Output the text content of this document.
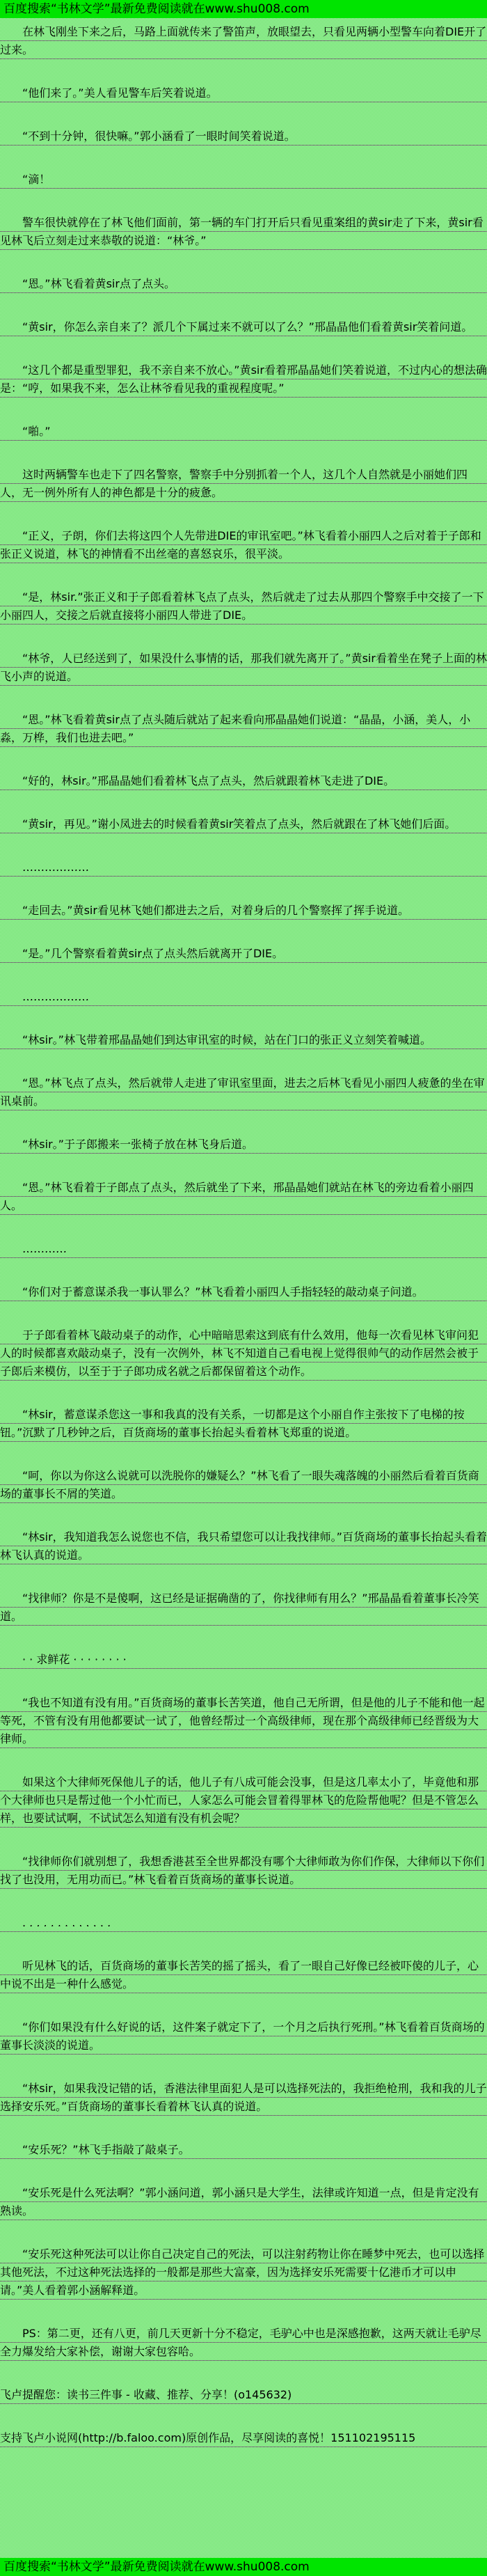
百度搜索“书林文学”最新免费阅读就在www.shu008.com
在林飞刚坐下来之后，马路上面就传来了警笛声，放眼望去，只看见两辆小型警车向着DIE开了过来。
“他们来了。”美人看见警车后笑着说道。
“不到十分钟，很快嘛。”郭小涵看了一眼时间笑着说道。
“滴！
警车很快就停在了林飞他们面前，第一辆的车门打开后只看见重案组的黄sir走了下来，黄sir看见林飞后立刻走过来恭敬的说道：“林爷。”
“恩。”林飞看着黄sir点了点头。
“黄sir，你怎么亲自来了？派几个下属过来不就可以了么？”邢晶晶他们看着黄sir笑着问道。
“这几个都是重型罪犯，我不亲自来不放心。”黄sir看着邢晶晶她们笑着说道，不过内心的想法确是：“哼，如果我不来，怎么让林爷看见我的重视程度呢。”
“啪。”
这时两辆警车也走下了四名警察，警察手中分别抓着一个人，这几个人自然就是小丽她们四人，无一例外所有人的神色都是十分的疲惫。
“正义，子朗，你们去将这四个人先带进DIE的审讯室吧。”林飞看着小丽四人之后对着于子郎和张正义说道，林飞的神情看不出丝毫的喜怒哀乐，很平淡。
“是，林sir.”张正义和于子郎看着林飞点了点头，然后就走了过去从那四个警察手中交接了一下小丽四人，交接之后就直接将小丽四人带进了DIE。
“林爷，人已经送到了，如果没什么事情的话，那我们就先离开了。”黄sir看着坐在凳子上面的林飞小声的说道。
“恩。”林飞看着黄sir点了点头随后就站了起来看向邢晶晶她们说道：“晶晶，小涵，美人，小淼，万桦，我们也进去吧。”
“好的，林sir。”邢晶晶她们看着林飞点了点头，然后就跟着林飞走进了DIE。
“黄sir，再见。”谢小凤进去的时候看着黄sir笑着点了点头，然后就跟在了林飞她们后面。
………………
“走回去。”黄sir看见林飞她们都进去之后，对着身后的几个警察挥了挥手说道。
“是。”几个警察看着黄sir点了点头然后就离开了DIE。
………………
“林sir。”林飞带着邢晶晶她们到达审讯室的时候，站在门口的张正义立刻笑着喊道。
“恩。”林飞点了点头，然后就带人走进了审讯室里面，进去之后林飞看见小丽四人疲惫的坐在审讯桌前。
“林sir。”于子郎搬来一张椅子放在林飞身后道。
“恩。”林飞看着于子郎点了点头，然后就坐了下来，邢晶晶她们就站在林飞的旁边看着小丽四人。
…………
“你们对于蓄意谋杀我一事认罪么？”林飞看着小丽四人手指轻轻的敲动桌子问道。
于子郎看着林飞敲动桌子的动作，心中暗暗思索这到底有什么效用，他每一次看见林飞审问犯人的时候都喜欢敲动桌子，没有一次例外，林飞不知道自己看电视上觉得很帅气的动作居然会被于子郎后来模仿，以至于于子郎功成名就之后都保留着这个动作。
“林sir，蓄意谋杀您这一事和我真的没有关系，一切都是这个小丽自作主张按下了电梯的按钮。”沉默了几秒钟之后，百货商场的董事长抬起头看着林飞郑重的说道。
“呵，你以为你这么说就可以洗脱你的嫌疑么？”林飞看了一眼失魂落魄的小丽然后看着百货商场的董事长不屑的笑道。
“林sir，我知道我怎么说您也不信，我只希望您可以让我找律师。”百货商场的董事长抬起头看着林飞认真的说道。
“找律师？你是不是傻啊，这已经是证据确凿的了，你找律师有用么？”邢晶晶看着董事长冷笑道。
· · 求鲜花 · · · · · · · ·
“我也不知道有没有用。”百货商场的董事长苦笑道，他自己无所谓，但是他的儿子不能和他一起等死，不管有没有用他都要试一试了，他曾经帮过一个高级律师，现在那个高级律师已经晋级为大律师。
如果这个大律师死保他儿子的话，他儿子有八成可能会没事，但是这几率太小了，毕竟他和那个大律师也只是帮过他一个小忙而已，人家怎么可能会冒着得罪林飞的危险帮他呢？但是不管怎么样，也要试试啊，不试试怎么知道有没有机会呢？
“找律师你们就别想了，我想香港甚至全世界都没有哪个大律师敢为你们作保，大律师以下你们找了也没用，无用功而已。”林飞看着百货商场的董事长说道。
. . . . . . . . . . . . .
听见林飞的话，百货商场的董事长苦笑的摇了摇头，看了一眼自己好像已经被吓傻的儿子，心中说不出是一种什么感觉。
“你们如果没有什么好说的话，这件案子就定下了，一个月之后执行死刑。”林飞看着百货商场的董事长淡淡的说道。
“林sir，如果我没记错的话，香港法律里面犯人是可以选择死法的，我拒绝枪刑，我和我的儿子选择安乐死。”百货商场的董事长看着林飞认真的说道。
“安乐死？”林飞手指敲了敲桌子。
“安乐死是什么死法啊？”郭小涵问道，郭小涵只是大学生，法律或许知道一点，但是肯定没有熟读。
“安乐死这种死法可以让你自己决定自己的死法，可以注射药物让你在睡梦中死去，也可以选择其他死法，不过这种死法选择的一般都是那些大富豪，因为选择安乐死需要十亿港币才可以申请。”美人看着郭小涵解释道。
PS：第二更，还有八更，前几天更新十分不稳定，毛驴心中也是深感抱歉，这两天就让毛驴尽全力爆发给大家补偿，谢谢大家包容哈。
飞卢提醒您：读书三件事 - 收藏、推荐、分享！(o145632)
支持飞卢小说网(http://b.faloo.com)原创作品，尽享阅读的喜悦！151102195115
百度搜索“书林文学”最新免费阅读就在www.shu008.com
